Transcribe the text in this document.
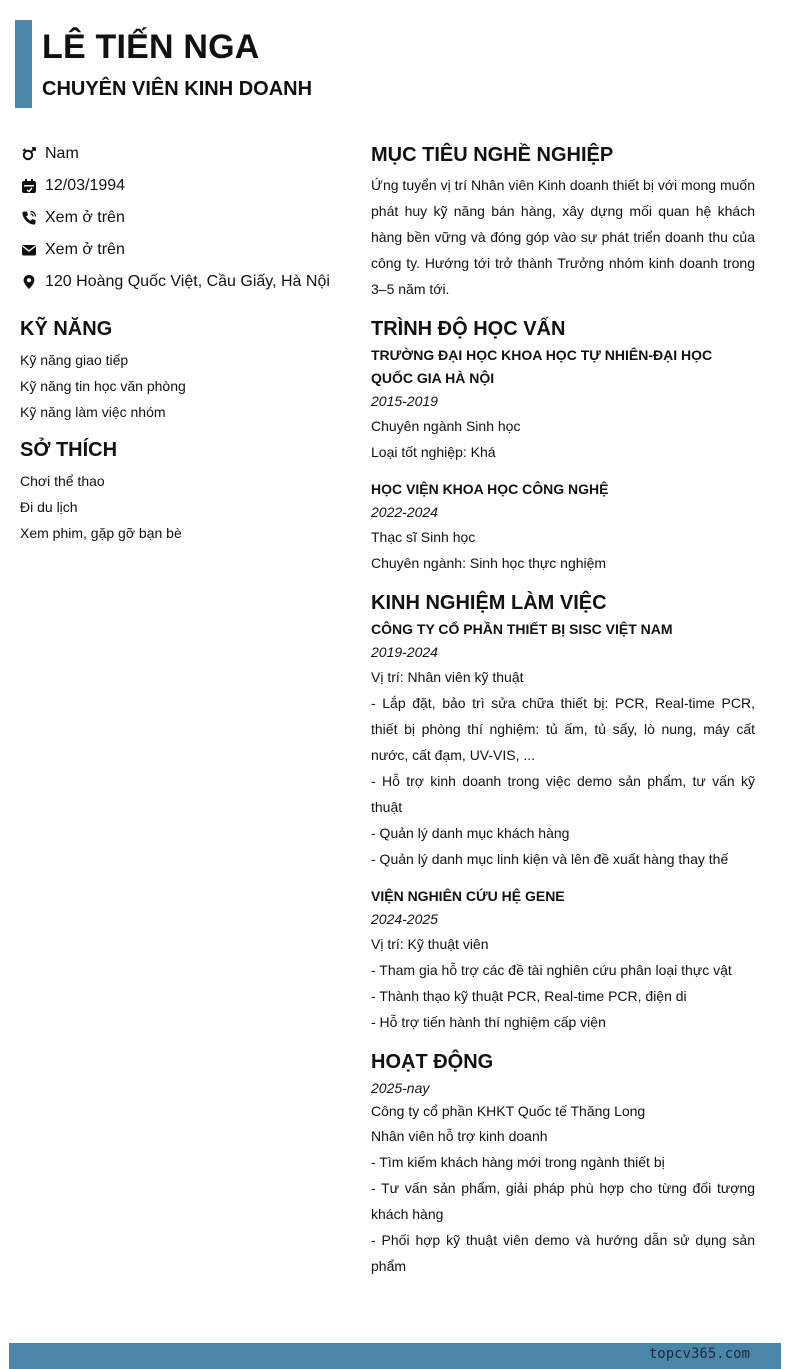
LÊ TIẾN NGA
CHUYÊN VIÊN KINH DOANH
Nam
12/03/1994
Xem ở trên
Xem ở trên
120 Hoàng Quốc Việt, Cầu Giấy, Hà Nội
KỸ NĂNG
Kỹ năng giao tiếp
Kỹ năng tin học văn phòng
Kỹ năng làm việc nhóm
SỞ THÍCH
Chơi thể thao
Đi du lịch
Xem phim, gặp gỡ bạn bè
MỤC TIÊU NGHỀ NGHIỆP
Ứng tuyển vị trí Nhân viên Kinh doanh thiết bị với mong muốn phát huy kỹ năng bán hàng, xây dựng mối quan hệ khách hàng bền vững và đóng góp vào sự phát triển doanh thu của công ty. Hướng tới trở thành Trưởng nhóm kinh doanh trong 3–5 năm tới.
TRÌNH ĐỘ HỌC VẤN
TRƯỜNG ĐẠI HỌC KHOA HỌC TỰ NHIÊN-ĐẠI HỌC QUỐC GIA HÀ NỘI
2015-2019
Chuyên ngành Sinh học
Loại tốt nghiệp: Khá
HỌC VIỆN KHOA HỌC CÔNG NGHỆ
2022-2024
Thạc sĩ Sinh học
Chuyên ngành: Sinh học thực nghiệm
KINH NGHIỆM LÀM VIỆC
CÔNG TY CỔ PHẦN THIẾT BỊ SISC VIỆT NAM
2019-2024
Vị trí: Nhân viên kỹ thuật
- Lắp đặt, bảo trì sửa chữa thiết bị: PCR, Real-time PCR, thiết bị phòng thí nghiệm: tủ ấm, tủ sấy, lò nung, máy cất nước, cất đạm, UV-VIS, ...
- Hỗ trợ kinh doanh trong việc demo sản phẩm, tư vấn kỹ thuật
- Quản lý danh mục khách hàng
- Quản lý danh mục linh kiện và lên đề xuất hàng thay thế
VIỆN NGHIÊN CỨU HỆ GENE
2024-2025
Vị trí: Kỹ thuật viên
- Tham gia hỗ trợ các đề tài nghiên cứu phân loại thực vật
- Thành thạo kỹ thuật PCR, Real-time PCR, điện di
- Hỗ trợ tiến hành thí nghiệm cấp viện
HOẠT ĐỘNG
2025-nay
Công ty cổ phần KHKT Quốc tế Thăng Long
Nhân viên hỗ trợ kinh doanh
- Tìm kiếm khách hàng mới trong ngành thiết bị
- Tư vấn sản phẩm, giải pháp phù hợp cho từng đối tượng khách hàng
- Phối hợp kỹ thuật viên demo và hướng dẫn sử dụng sản phẩm
topcv365.com
